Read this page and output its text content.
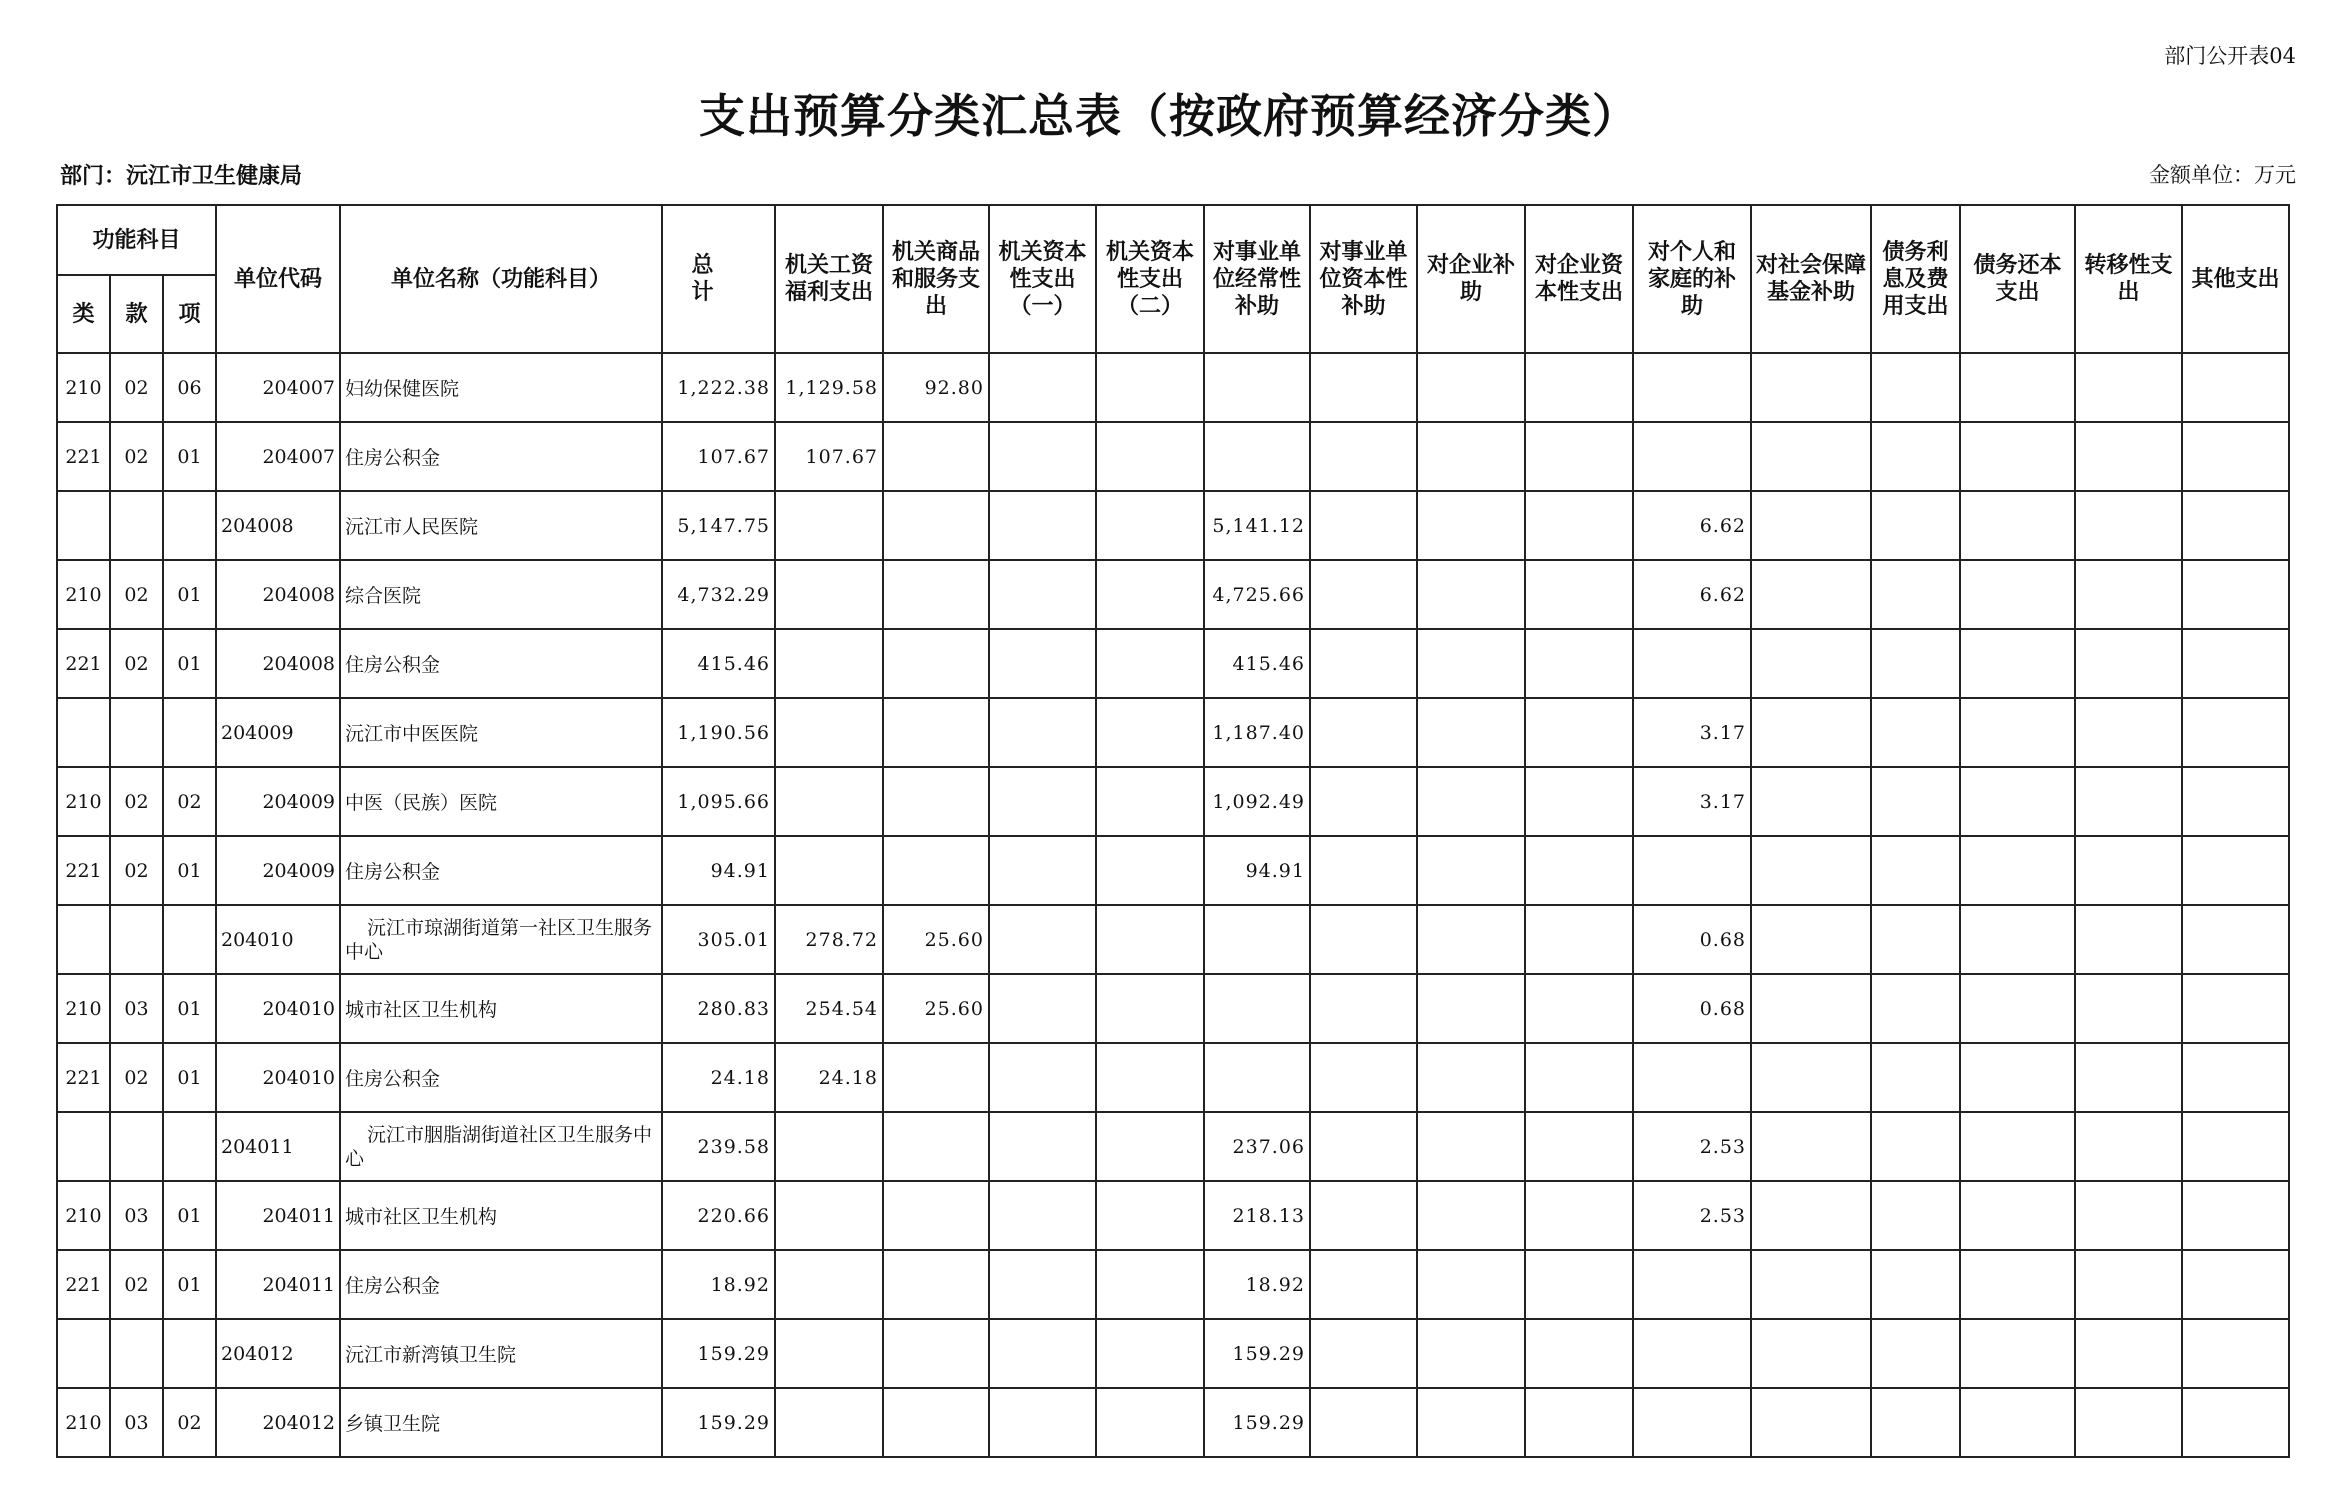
部门公开表04
支出预算分类汇总表（按政府预算经济分类）
部门：沅江市卫生健康局	金额单位：万元
功能科目			单位代码	单位名称（功能科目）	总计	机关工资福利支出	机关商品和服务支出	机关资本性支出（一）	机关资本性支出（二）	对事业单位经常性补助	对事业单位资本性补助	对企业补助	对企业资本性支出	对个人和家庭的补助	对社会保障基金补助	债务利息及费用支出	债务还本支出	转移性支出	其他支出
类	款	项																	
210	02	06	204007	妇幼保健医院	1,222.38	1,129.58	92.80												
221	02	01	204007	住房公积金	107.67	107.67													
			204008	沅江市人民医院	5,147.75					5,141.12				6.62					
210	02	01	204008	综合医院	4,732.29					4,725.66				6.62					
221	02	01	204008	住房公积金	415.46					415.46									
			204009	沅江市中医医院	1,190.56					1,187.40				3.17					
210	02	02	204009	中医（民族）医院	1,095.66					1,092.49				3.17					
221	02	01	204009	住房公积金	94.91					94.91									
			204010	沅江市琼湖街道第一社区卫生服务中心	305.01	278.72	25.60							0.68					
210	03	01	204010	城市社区卫生机构	280.83	254.54	25.60							0.68					
221	02	01	204010	住房公积金	24.18	24.18													
			204011	沅江市胭脂湖街道社区卫生服务中心	239.58					237.06				2.53					
210	03	01	204011	城市社区卫生机构	220.66					218.13				2.53					
221	02	01	204011	住房公积金	18.92					18.92									
			204012	沅江市新湾镇卫生院	159.29					159.29									
210	03	02	204012	乡镇卫生院	159.29					159.29									
